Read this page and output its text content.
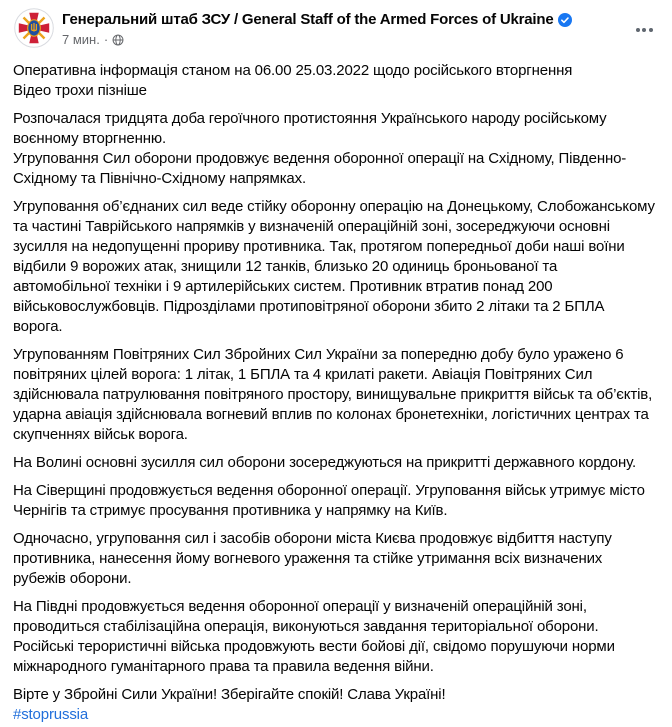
Генеральний штаб ЗСУ / General Staff of the Armed Forces of Ukraine
7 мин. ·

Оперативна інформація станом на 06.00 25.03.2022 щодо російського вторгнення
Відео трохи пізніше

Розпочалася тридцята доба героїчного протистояння Українського народу російському воєнному вторгненню.
Угруповання Сил оборони продовжує ведення оборонної операції на Східному, Південно-Східному та Північно-Східному напрямках.

Угруповання об’єднаних сил веде стійку оборонну операцію на Донецькому, Слобожанському та частині Таврійського напрямків у визначеній операційній зоні, зосереджуючи основні зусилля на недопущенні прориву противника. Так, протягом попередньої доби наші воїни відбили 9 ворожих атак, знищили 12 танків, близько 20 одиниць броньованої та автомобільної техніки і 9 артилерійських систем. Противник втратив понад 200 військовослужбовців. Підрозділами протиповітряної оборони збито 2 літаки та 2 БПЛА ворога.

Угрупованням Повітряних Сил Збройних Сил України за попередню добу було уражено 6 повітряних цілей ворога: 1 літак, 1 БПЛА та 4 крилаті ракети. Авіація Повітряних Сил здійснювала патрулювання повітряного простору, винищувальне прикриття військ та об’єктів, ударна авіація здійснювала вогневий вплив по колонах бронетехніки, логістичних центрах та скупченнях військ ворога.

На Волині основні зусилля сил оборони зосереджуються на прикритті державного кордону.

На Сіверщині продовжується ведення оборонної операції. Угруповання військ утримує місто Чернігів та стримує просування противника у напрямку на Київ.

Одночасно, угруповання сил і засобів оборони міста Києва продовжує відбиття наступу противника, нанесення йому вогневого ураження та стійке утримання всіх визначених рубежів оборони.

На Півдні продовжується ведення оборонної операції у визначеній операційній зоні, проводиться стабілізаційна операція, виконуються завдання територіальної оборони. Російські терористичні війська продовжують вести бойові дії, свідомо порушуючи норми міжнародного гуманітарного права та правила ведення війни.

Вірте у Збройні Сили України! Зберігайте спокій! Слава Україні!
#stoprussia
